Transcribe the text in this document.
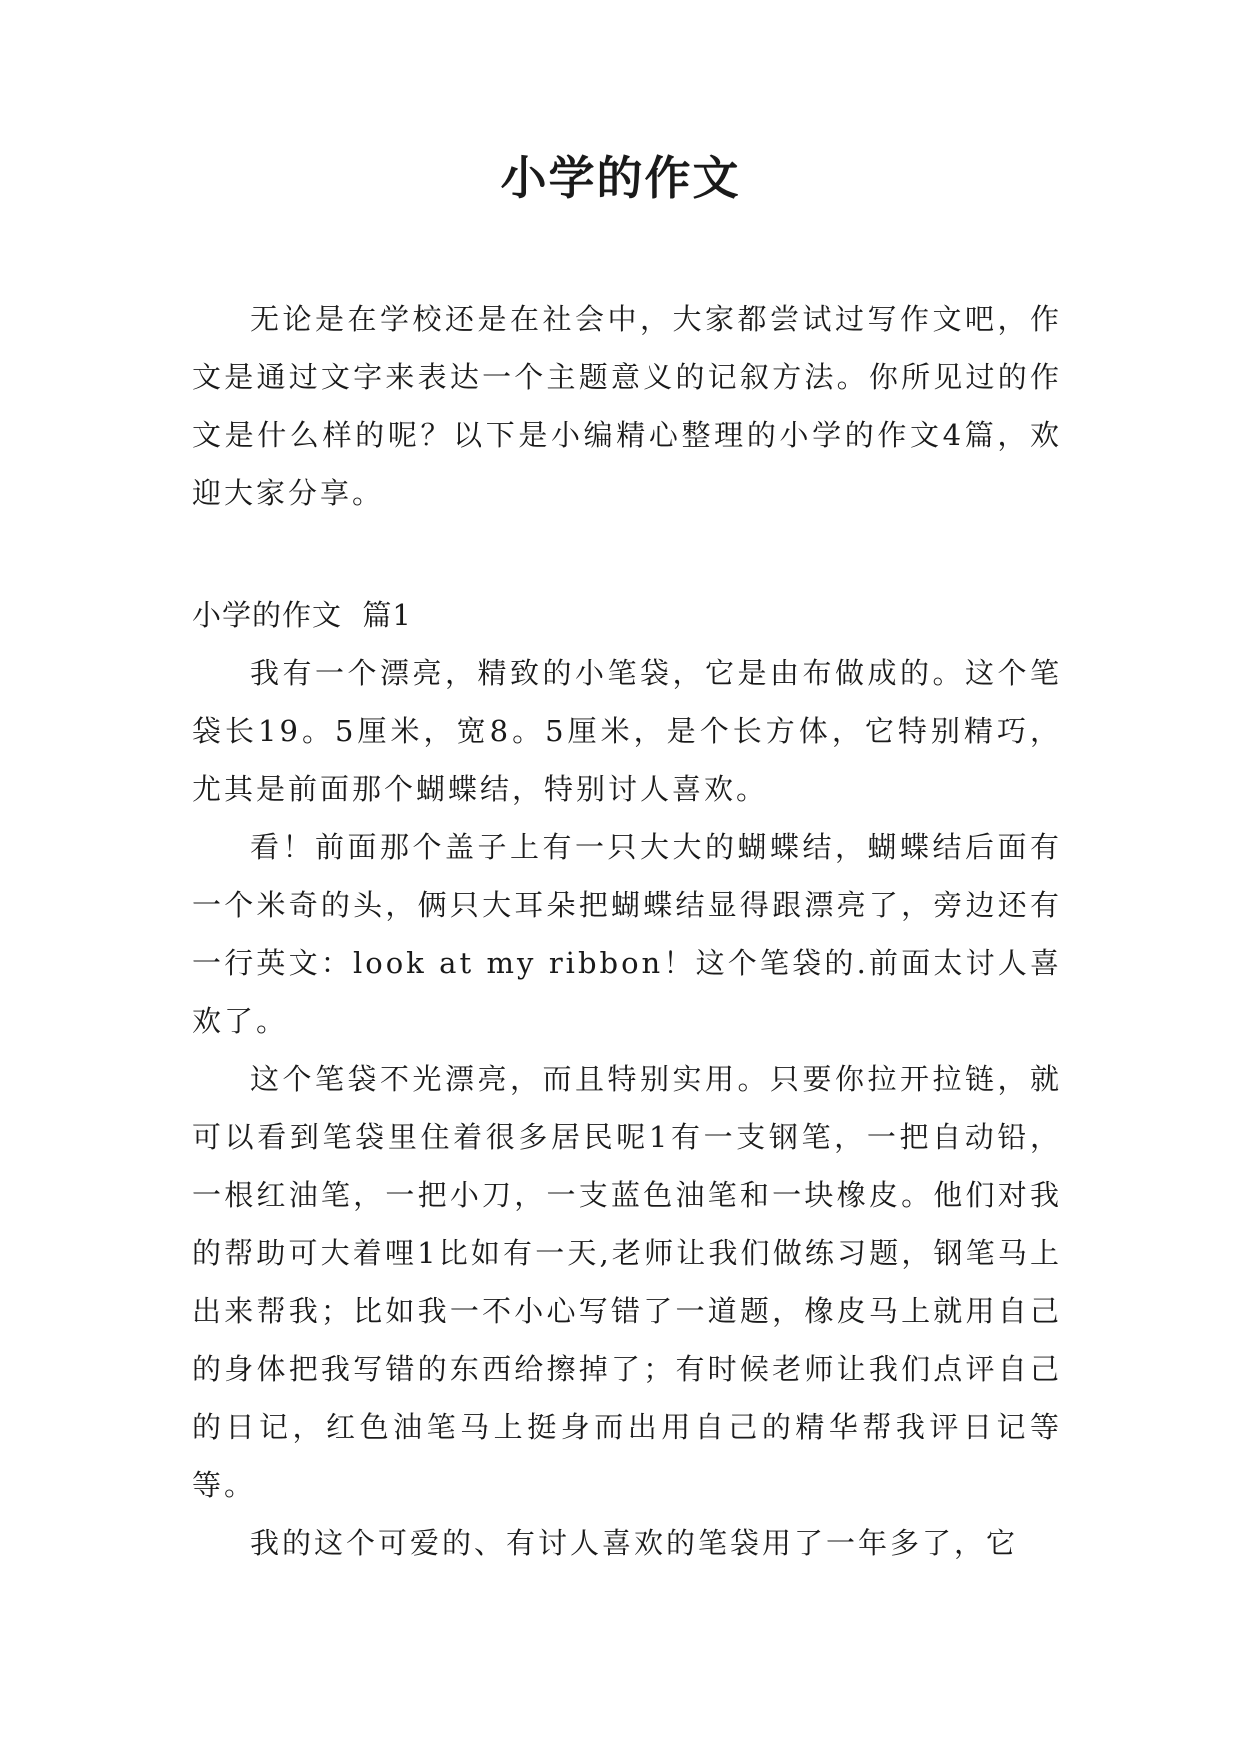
小学的作文

无论是在学校还是在社会中，大家都尝试过写作文吧，作文是通过文字来表达一个主题意义的记叙方法。你所见过的作文是什么样的呢？以下是小编精心整理的小学的作文4篇，欢迎大家分享。

小学的作文  篇1

我有一个漂亮，精致的小笔袋，它是由布做成的。这个笔袋长19。5厘米，宽8。5厘米，是个长方体，它特别精巧，尤其是前面那个蝴蝶结，特别讨人喜欢。

看！前面那个盖子上有一只大大的蝴蝶结，蝴蝶结后面有一个米奇的头，俩只大耳朵把蝴蝶结显得跟漂亮了，旁边还有一行英文：look at my ribbon！这个笔袋的.前面太讨人喜欢了。

这个笔袋不光漂亮，而且特别实用。只要你拉开拉链，就可以看到笔袋里住着很多居民呢1有一支钢笔，一把自动铅，一根红油笔，一把小刀，一支蓝色油笔和一块橡皮。他们对我的帮助可大着哩1比如有一天,老师让我们做练习题，钢笔马上出来帮我；比如我一不小心写错了一道题，橡皮马上就用自己的身体把我写错的东西给擦掉了；有时候老师让我们点评自己的日记，红色油笔马上挺身而出用自己的精华帮我评日记等等。

我的这个可爱的、有讨人喜欢的笔袋用了一年多了，它
